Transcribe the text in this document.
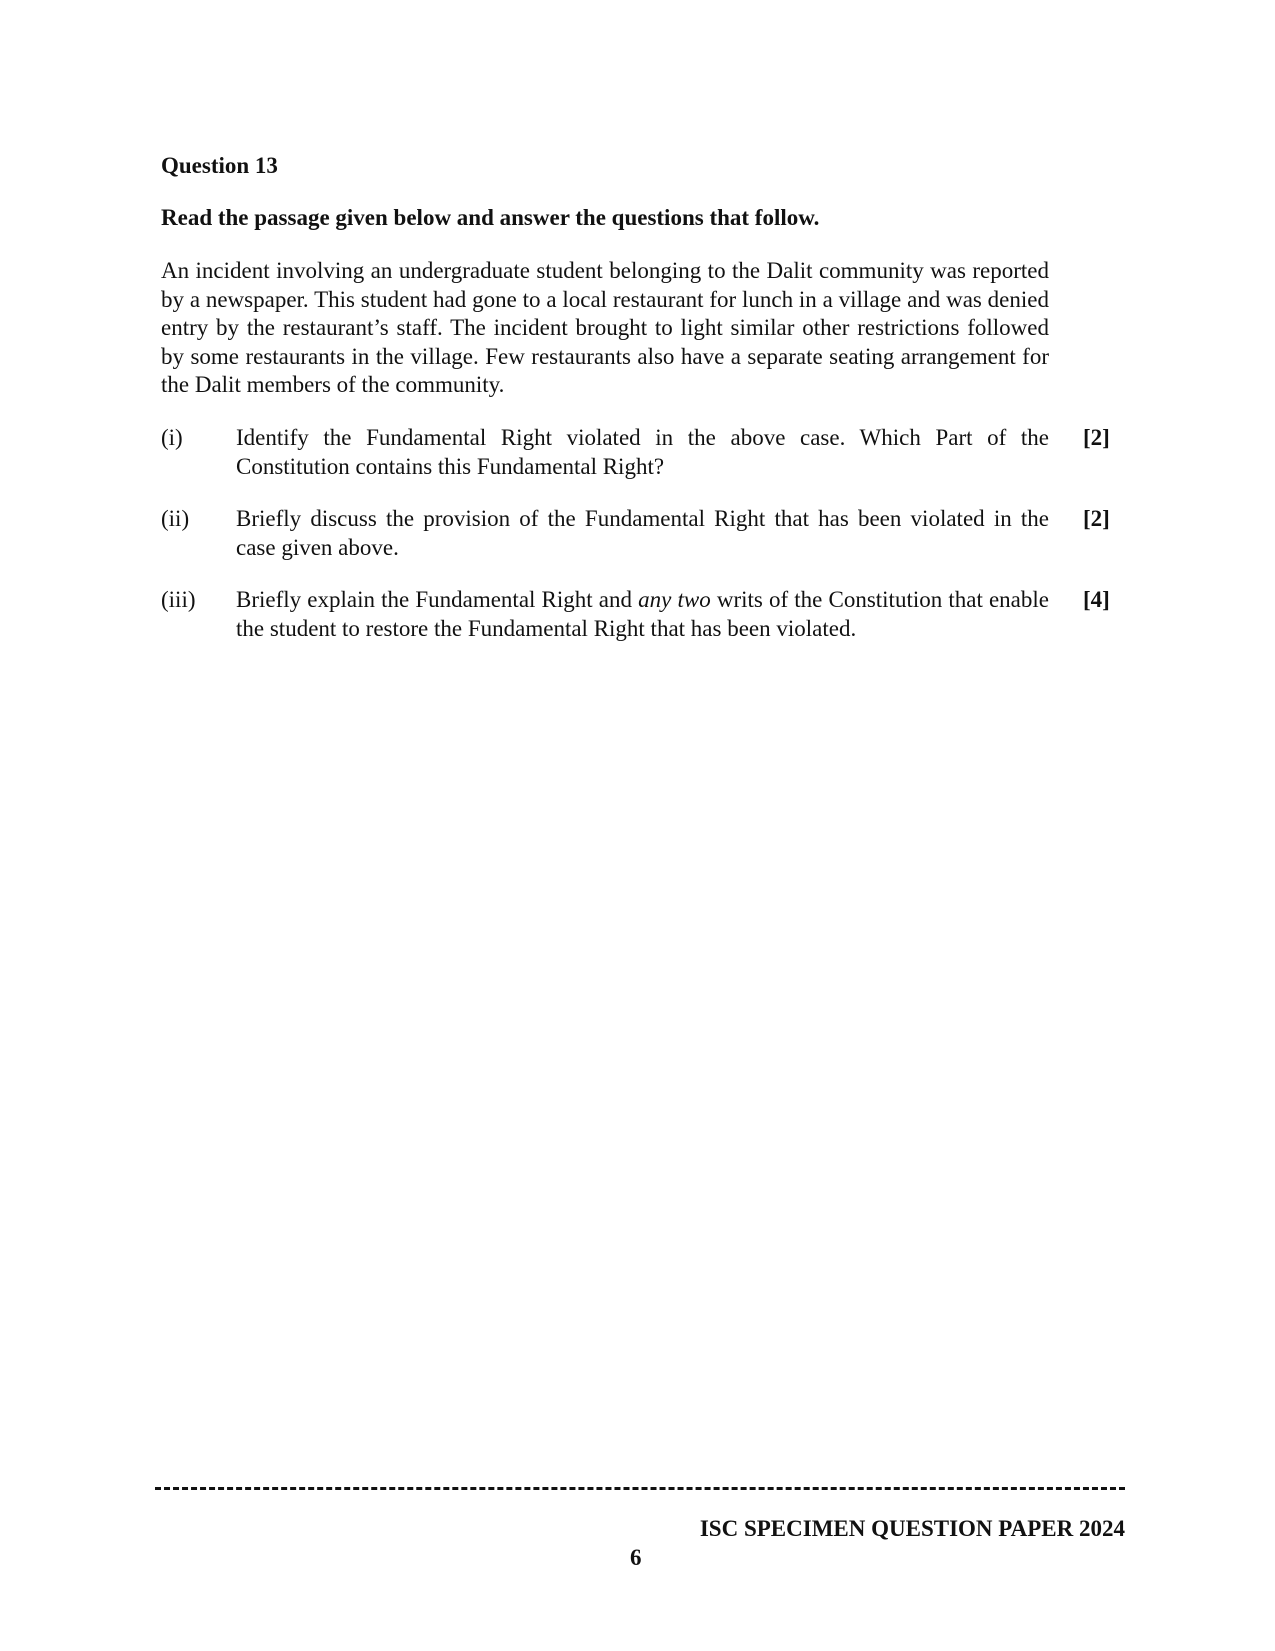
Question 13

Read the passage given below and answer the questions that follow.

An incident involving an undergraduate student belonging to the Dalit community was reported by a newspaper. This student had gone to a local restaurant for lunch in a village and was denied entry by the restaurant’s staff. The incident brought to light similar other restrictions followed by some restaurants in the village. Few restaurants also have a separate seating arrangement for the Dalit members of the community.

(i) Identify the Fundamental Right violated in the above case. Which Part of the Constitution contains this Fundamental Right?
[2]
(ii) Briefly discuss the provision of the Fundamental Right that has been violated in the case given above.
[2]
(iii) Briefly explain the Fundamental Right and any two writs of the Constitution that enable the student to restore the Fundamental Right that has been violated.
[4]

ISC SPECIMEN QUESTION PAPER 2024

6
